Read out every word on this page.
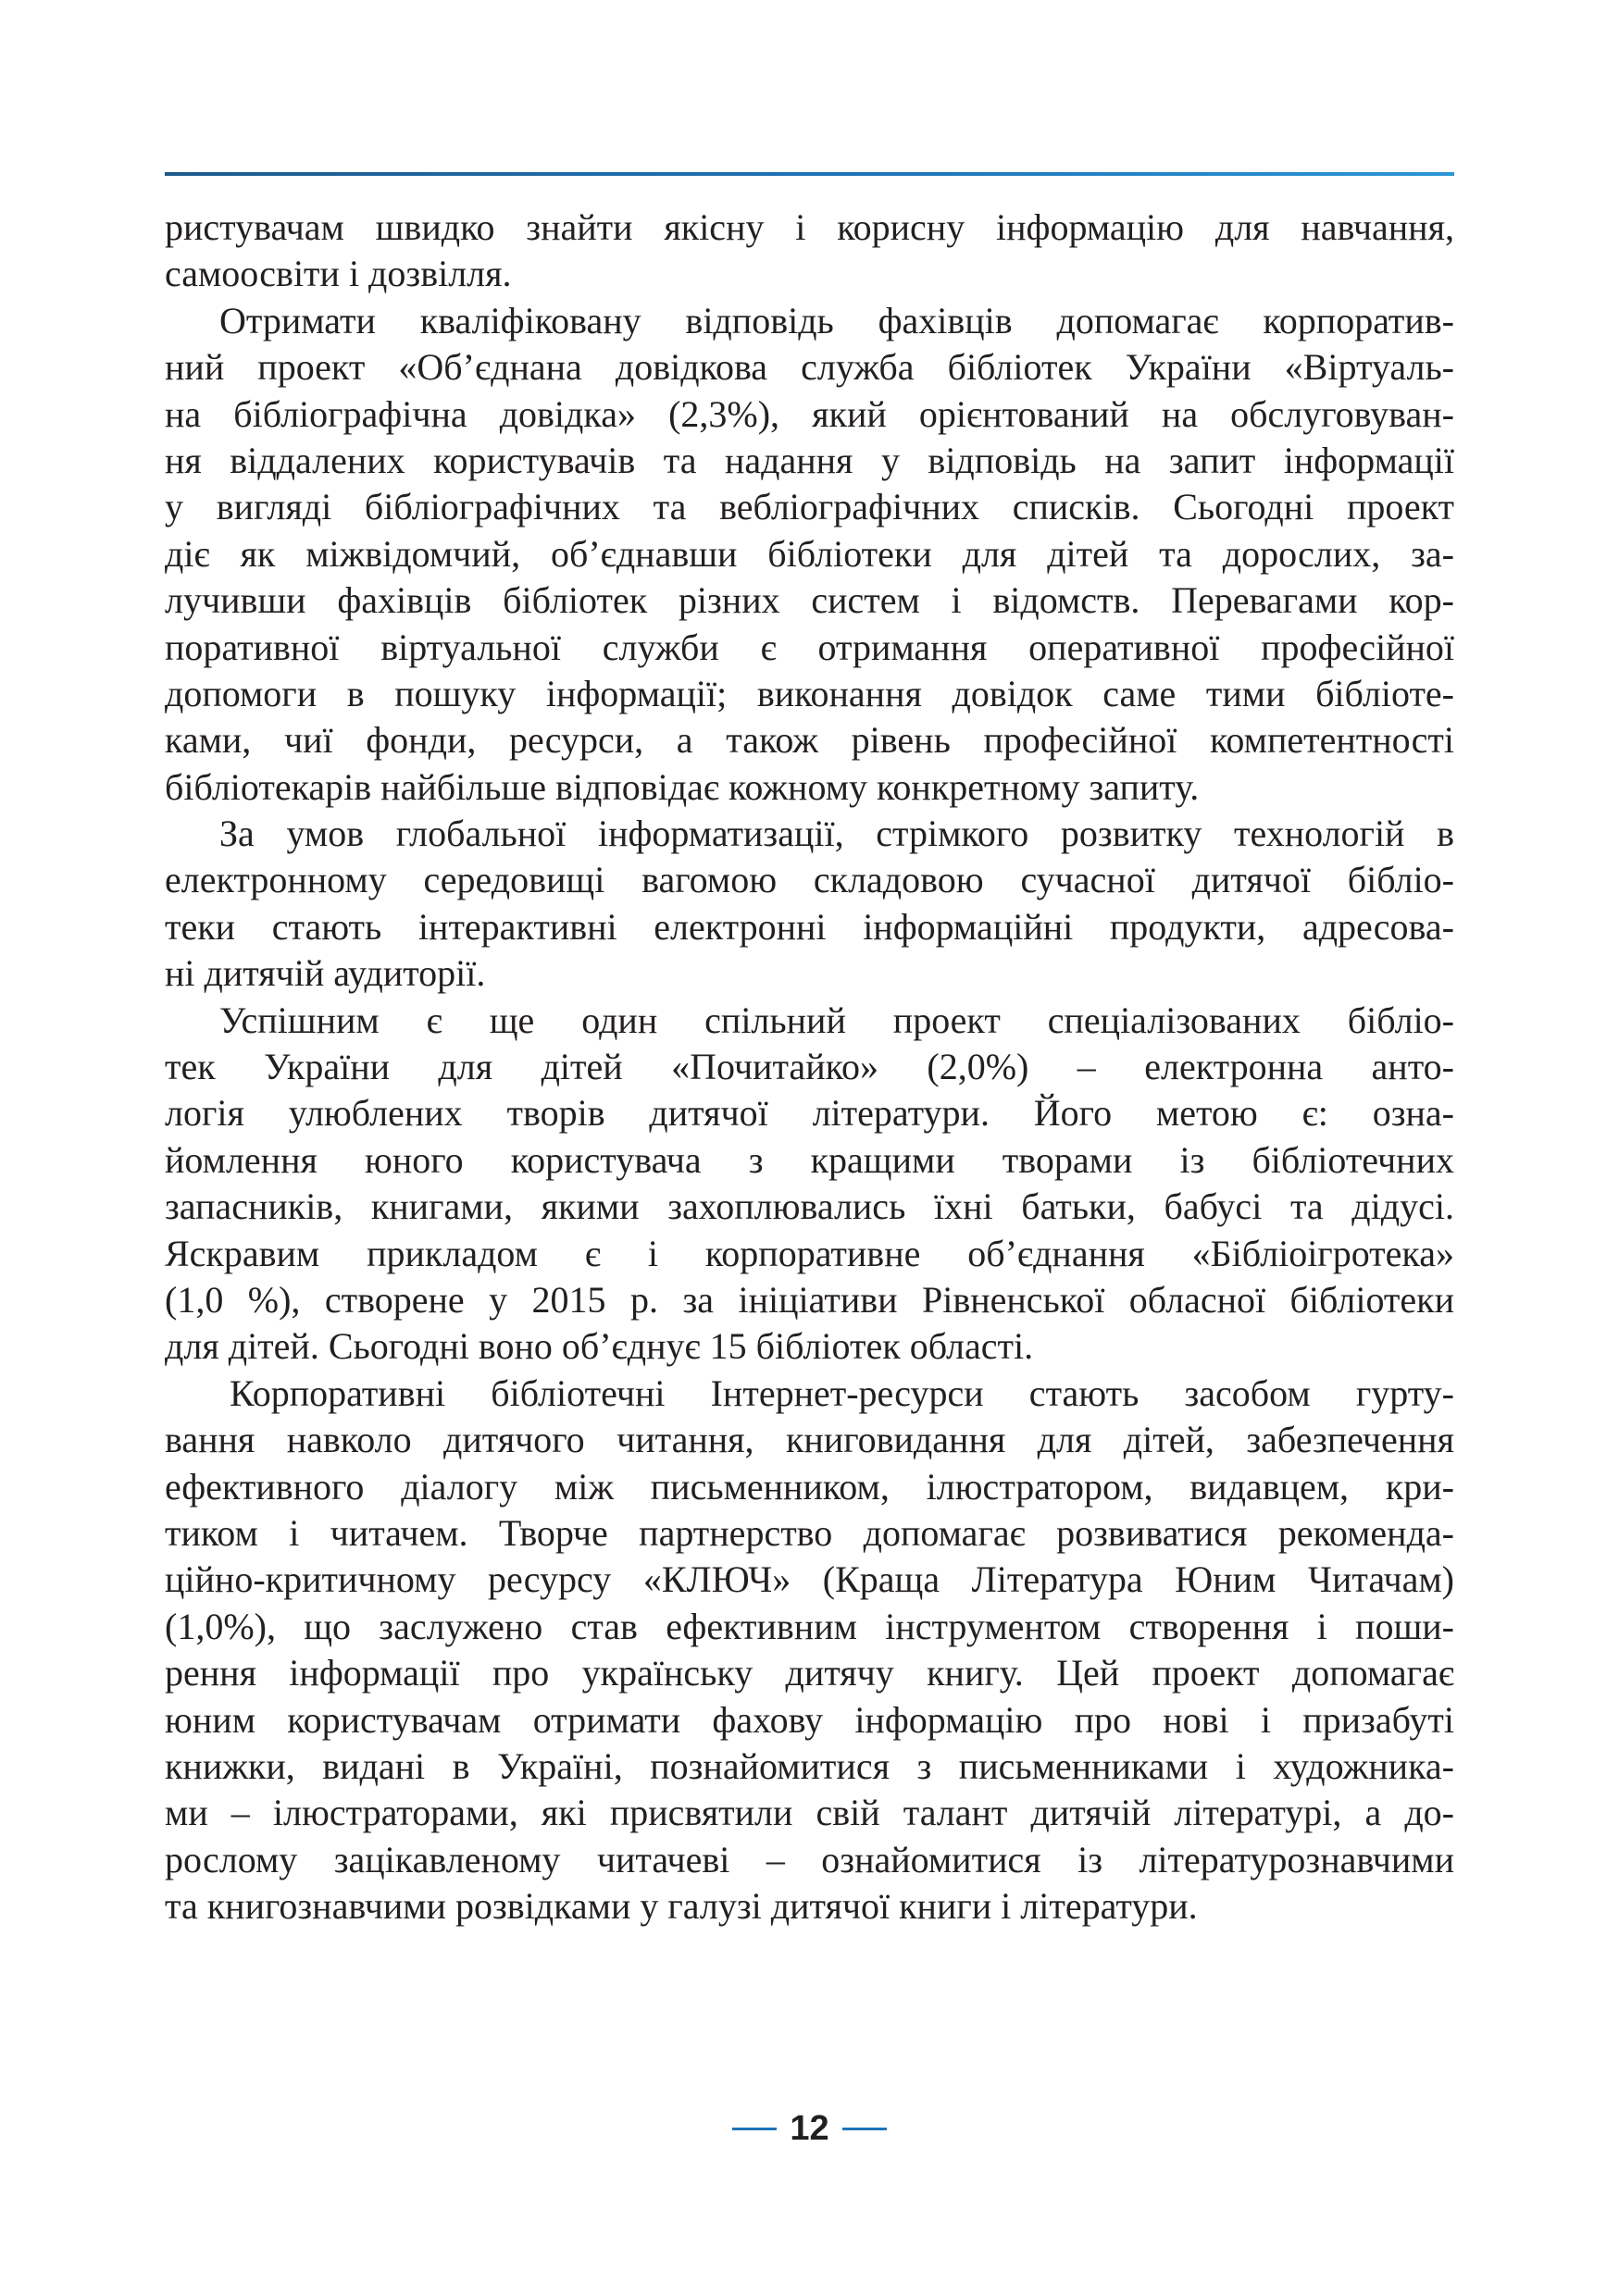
ристувачам швидко знайти якісну і корисну інформацію для навчання,
самоосвіти і дозвілля.
Отримати кваліфіковану відповідь фахівців допомагає корпоратив-
ний проект «Об’єднана довідкова служба бібліотек України «Віртуаль-
на бібліографічна довідка» (2,3%), який орієнтований на обслуговуван-
ня віддалених користувачів та надання у відповідь на запит інформації
у вигляді бібліографічних та вебліографічних списків. Сьогодні проект
діє як міжвідомчий, об’єднавши бібліотеки для дітей та дорослих, за-
лучивши фахівців бібліотек різних систем і відомств. Перевагами кор-
поративної віртуальної служби є отримання оперативної професійної
допомоги в пошуку інформації; виконання довідок саме тими бібліоте-
ками, чиї фонди, ресурси, а також рівень професійної компетентності
бібліотекарів найбільше відповідає кожному конкретному запиту.
За умов глобальної інформатизації, стрімкого розвитку технологій в
електронному середовищі вагомою складовою сучасної дитячої бібліо-
теки стають інтерактивні електронні інформаційні продукти, адресова-
ні дитячій аудиторії.
Успішним є ще один спільний проект спеціалізованих бібліо-
тек України для дітей «Почитайко» (2,0%) – електронна анто-
логія улюблених творів дитячої літератури. Його метою є: озна-
йомлення юного користувача з кращими творами із бібліотечних
запасників, книгами, якими захоплювались їхні батьки, бабусі та дідусі.
Яскравим прикладом є і корпоративне об’єднання «Бібліоігротека»
(1,0 %), створене у 2015 р. за ініціативи Рівненської обласної бібліотеки
для дітей. Сьогодні воно об’єднує 15 бібліотек області.
Корпоративні бібліотечні Інтернет-ресурси стають засобом гурту-
вання навколо дитячого читання, книговидання для дітей, забезпечення
ефективного діалогу між письменником, ілюстратором, видавцем, кри-
тиком і читачем. Творче партнерство допомагає розвиватися рекоменда-
ційно-критичному ресурсу «КЛЮЧ» (Краща Література Юним Читачам)
(1,0%), що заслужено став ефективним інструментом створення і поши-
рення інформації про українську дитячу книгу. Цей проект допомагає
юним користувачам отримати фахову інформацію про нові і призабуті
книжки, видані в Україні, познайомитися з письменниками і художника-
ми – ілюстраторами, які присвятили свій талант дитячій літературі, а до-
рослому зацікавленому читачеві – ознайомитися із літературознавчими
та книгознавчими розвідками у галузі дитячої книги і літератури.
12
